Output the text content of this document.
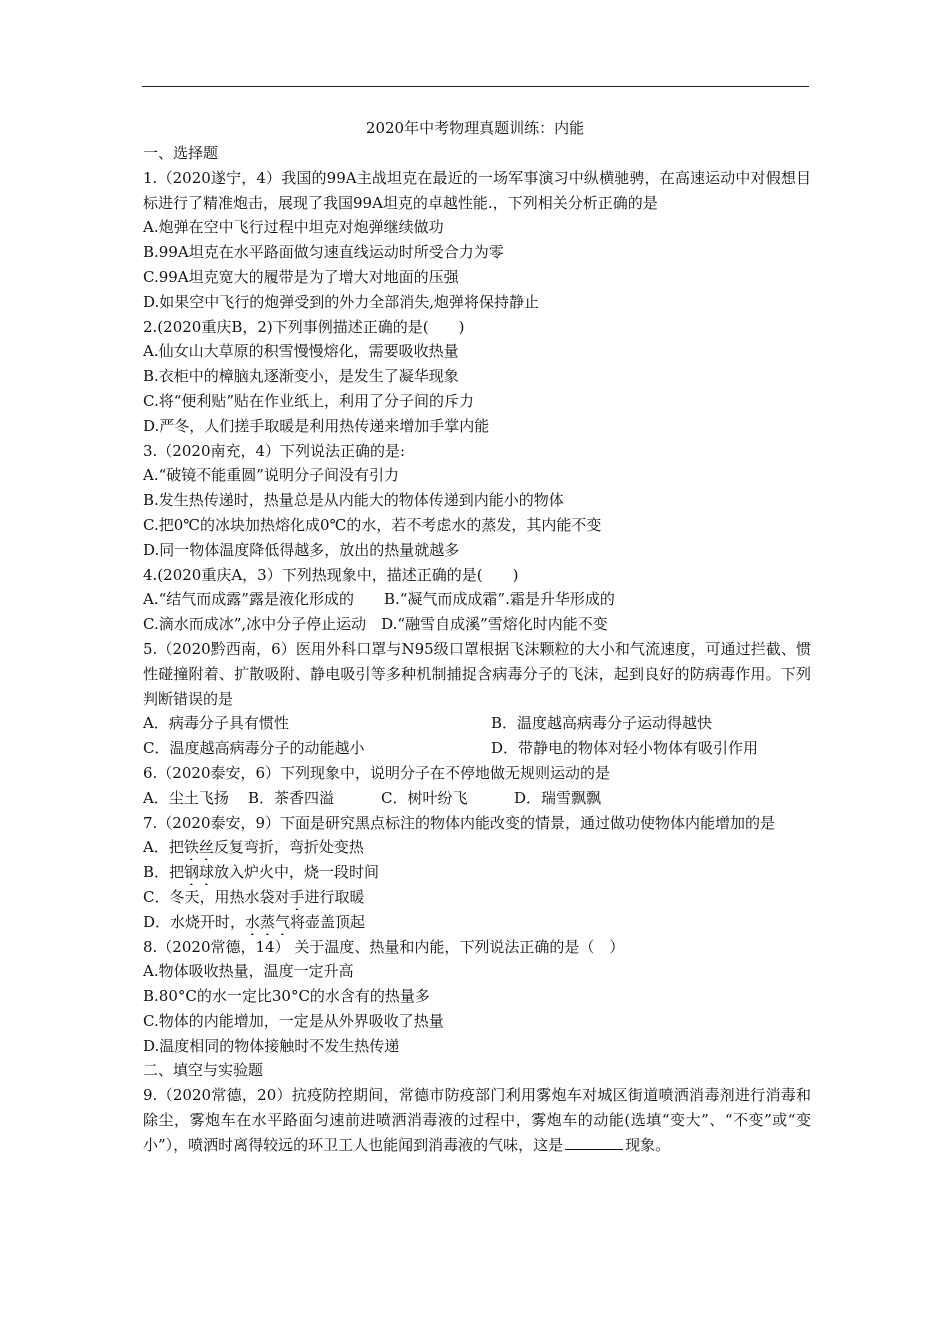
2020年中考物理真题训练：内能
一、选择题
1.（2020遂宁，4）我国的99A主战坦克在最近的一场军事演习中纵横驰骋，在高速运动中对假想目标进行了精准炮击，展现了我国99A坦克的卓越性能.，下列相关分析正确的是
A.炮弹在空中飞行过程中坦克对炮弹继续做功
B.99A坦克在水平路面做匀速直线运动时所受合力为零
C.99A坦克宽大的履带是为了增大对地面的压强
D.如果空中飞行的炮弹受到的外力全部消失,炮弹将保持静止
2.(2020重庆B，2)下列事例描述正确的是(　　)
A.仙女山大草原的积雪慢慢熔化，需要吸收热量
B.衣柜中的樟脑丸逐渐变小，是发生了凝华现象
C.将“便利贴”贴在作业纸上，利用了分子间的斥力
D.严冬，人们搓手取暖是利用热传递来增加手掌内能
3.（2020南充，4）下列说法正确的是:
A.“破镜不能重圆”说明分子间没有引力
B.发生热传递时，热量总是从内能大的物体传递到内能小的物体
C.把0℃的冰块加热熔化成0℃的水，若不考虑水的蒸发，其内能不变
D.同一物体温度降低得越多，放出的热量就越多
4.(2020重庆A，3）下列热现象中，描述正确的是(　　)
A.“结气而成露”露是液化形成的　　B.“凝气而成成霜”.霜是升华形成的
C.滴水而成冰”,冰中分子停止运动　D.“融雪自成溪”雪熔化时内能不变
5.（2020黔西南，6）医用外科口罩与N95级口罩根据飞沫颗粒的大小和气流速度，可通过拦截、惯性碰撞附着、扩散吸附、静电吸引等多种机制捕捉含病毒分子的飞沫，起到良好的防病毒作用。下列判断错误的是
A．病毒分子具有惯性	B．温度越高病毒分子运动得越快
C．温度越高病毒分子的动能越小	D．带静电的物体对轻小物体有吸引作用
6.（2020泰安，6）下列现象中，说明分子在不停地做无规则运动的是
A．尘土飞扬	B．茶香四溢	C．树叶纷飞	D．瑞雪飘飘
7.（2020泰安，9）下面是研究黑点标注的物体内能改变的情景，通过做功使物体内能增加的是
A．把铁丝反复弯折，弯折处变热
B．把钢球放入炉火中，烧一段时间
C．冬天，用热水袋对手进行取暖
D．水烧开时，水蒸气将壶盖顶起
8.（2020常德，14） 关于温度、热量和内能，下列说法正确的是（　）
A.物体吸收热量，温度一定升高
B.80°C的水一定比30°C的水含有的热量多
C.物体的内能增加，一定是从外界吸收了热量
D.温度相同的物体接触时不发生热传递
二、填空与实验题
9.（2020常德，20）抗疫防控期间，常德市防疫部门利用雾炮车对城区街道喷洒消毒剂进行消毒和除尘，雾炮车在水平路面匀速前进喷洒消毒液的过程中，雾炮车的动能(选填“变大”、“不变”或“变小”），喷洒时离得较远的环卫工人也能闻到消毒液的气味，这是	现象。
